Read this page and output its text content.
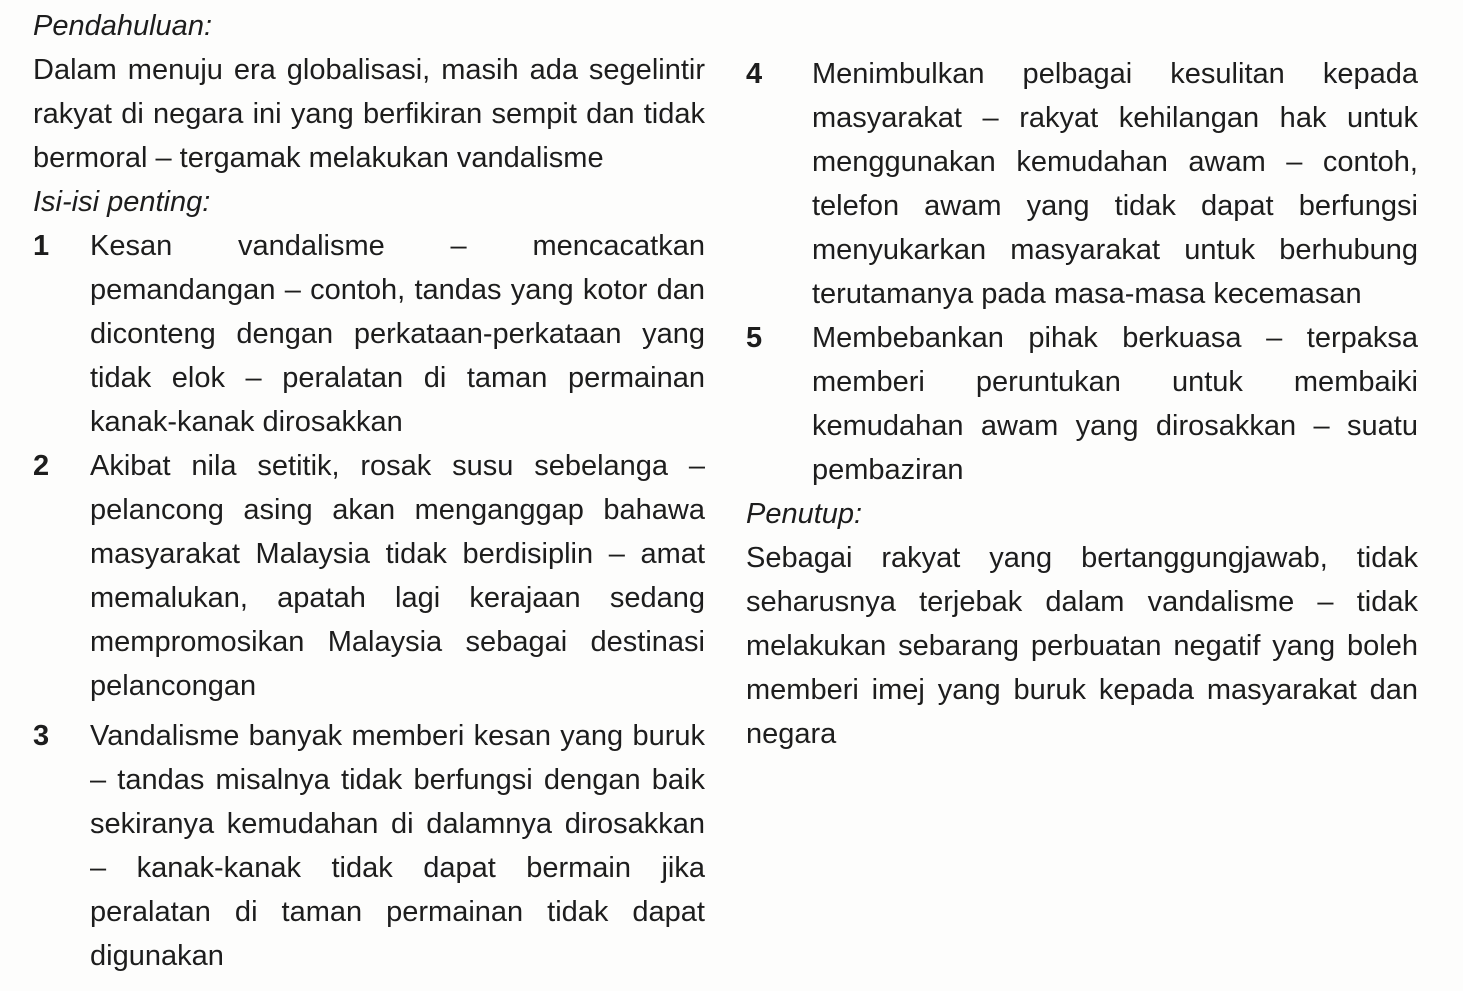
Pendahuluan:

Dalam menuju era globalisasi, masih ada segelintir rakyat di negara ini yang berfikiran sempit dan tidak bermoral – tergamak melakukan vandalisme

Isi-isi penting:

1	Kesan vandalisme – mencacatkan pemandangan – contoh, tandas yang kotor dan diconteng dengan perkataan-perkataan yang tidak elok – peralatan di taman permainan kanak-kanak dirosakkan
2	Akibat nila setitik, rosak susu sebelanga – pelancong asing akan menganggap bahawa masyarakat Malaysia tidak berdisiplin – amat memalukan, apatah lagi kerajaan sedang mempromosikan Malaysia sebagai destinasi pelancongan
3	Vandalisme banyak memberi kesan yang buruk – tandas misalnya tidak berfungsi dengan baik sekiranya kemudahan di dalamnya dirosakkan – kanak-kanak tidak dapat bermain jika peralatan di taman permainan tidak dapat digunakan
4	Menimbulkan pelbagai kesulitan kepada masyarakat – rakyat kehilangan hak untuk menggunakan kemudahan awam – contoh, telefon awam yang tidak dapat berfungsi menyukarkan masyarakat untuk berhubung terutamanya pada masa-masa kecemasan
5	Membebankan pihak berkuasa – terpaksa memberi peruntukan untuk membaiki kemudahan awam yang dirosakkan – suatu pembaziran

Penutup:

Sebagai rakyat yang bertanggungjawab, tidak seharusnya terjebak dalam vandalisme – tidak melakukan sebarang perbuatan negatif yang boleh memberi imej yang buruk kepada masyarakat dan negara
